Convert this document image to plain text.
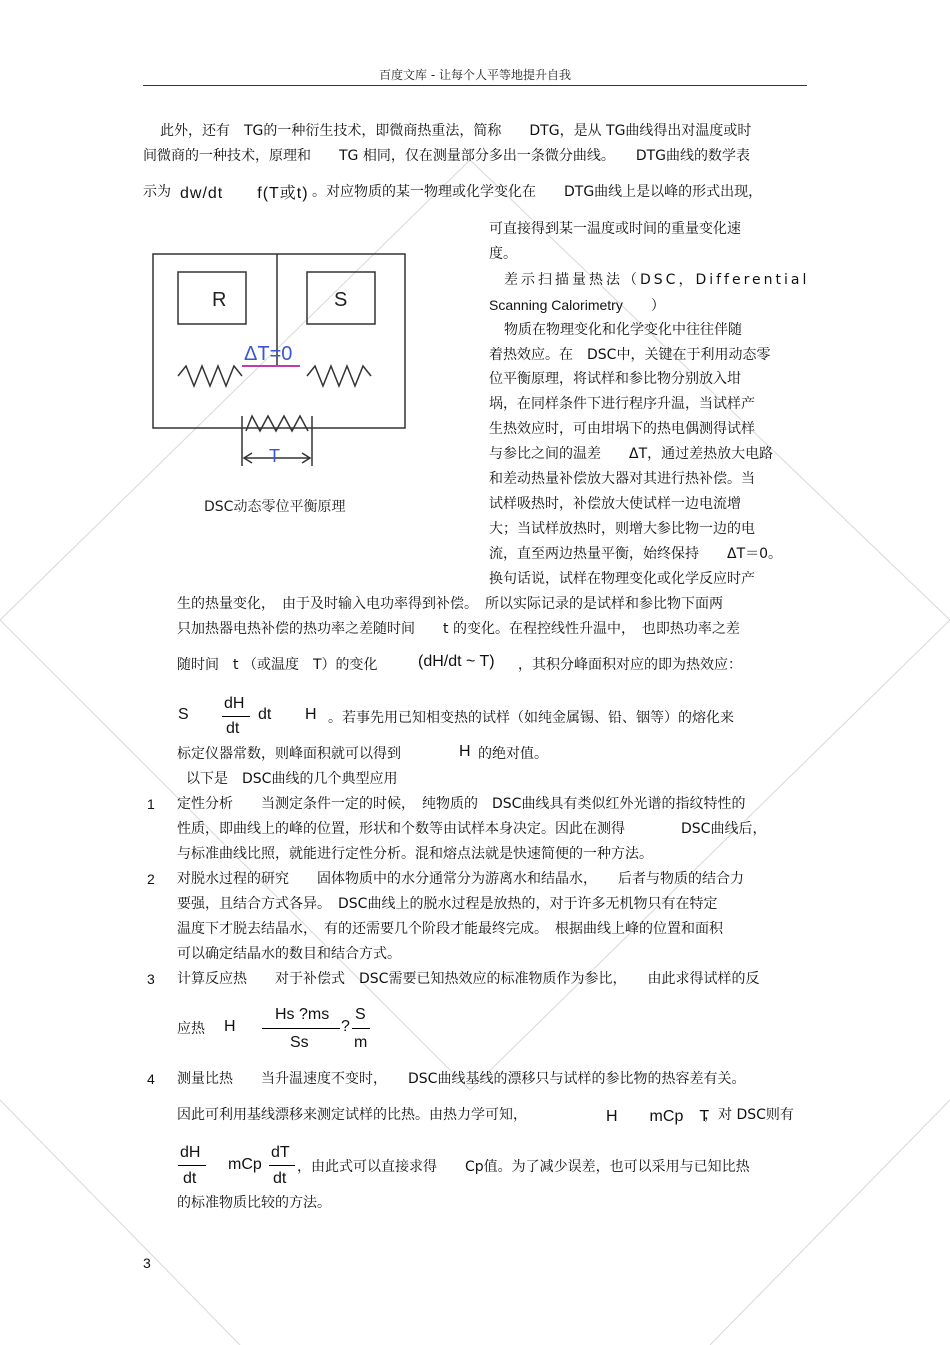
百度文库 - 让每个人平等地提升自我
此外，还有　TG的一种衍生技术，即微商热重法，简称　　DTG，是从 TG曲线得出对温度或时
间微商的一种技术，原理和　　TG 相同，仅在测量部分多出一条微分曲线。　　DTG曲线的数学表
示为 dw/dt　　f(T或t) 。对应物质的某一物理或化学变化在　　DTG曲线上是以峰的形式出现，
R	S
ΔT=0
T
DSC动态零位平衡原理
可直接得到某一温度或时间的重量变化速
度。
差示扫描量热法（DSC，Differential
Scanning Calorimetry　　）
物质在物理变化和化学变化中往往伴随
着热效应。在　DSC中，关键在于利用动态零
位平衡原理，将试样和参比物分别放入坩
埚，在同样条件下进行程序升温，当试样产
生热效应时，可由坩埚下的热电偶测得试样
与参比之间的温差　　ΔT，通过差热放大电路
和差动热量补偿放大器对其进行热补偿。当
试样吸热时，补偿放大使试样一边电流增
大；当试样放热时，则增大参比物一边的电
流，直至两边热量平衡，始终保持　　ΔT＝0。
换句话说，试样在物理变化或化学反应时产
生的热量变化，　由于及时输入电功率得到补偿。　所以实际记录的是试样和参比物下面两
只加热器电热补偿的热功率之差随时间　　t 的变化。在程控线性升温中，　也即热功率之差
随时间　t （或温度　T）的变化	(dH/dt ~ T) ，其积分峰面积对应的即为热效应：
S
dH
dt
dt H 。若事先用已知相变热的试样（如纯金属锡、铅、铟等）的熔化来
标定仪器常数，则峰面积就可以得到	H 的绝对值。
以下是　DSC曲线的几个典型应用
1 定性分析　　当测定条件一定的时候，　纯物质的　DSC曲线具有类似红外光谱的指纹特性的
性质，即曲线上的峰的位置，形状和个数等由试样本身决定。因此在测得　　　　DSC曲线后，
与标准曲线比照，就能进行定性分析。混和熔点法就是快速简便的一种方法。
2 对脱水过程的研究　　固体物质中的水分通常分为游离水和结晶水，　　后者与物质的结合力
要强，且结合方式各异。　DSC曲线上的脱水过程是放热的，对于许多无机物只有在特定
温度下才脱去结晶水，　有的还需要几个阶段才能最终完成。　根据曲线上峰的位置和面积
可以确定结晶水的数目和结合方式。
3 计算反应热　　对于补偿式　DSC需要已知热效应的标准物质作为参比，　　由此求得试样的反
应热 H
Hs ?ms
Ss
?
S
m
4 测量比热　　当升温速度不变时，　　DSC曲线基线的漂移只与试样的参比物的热容差有关。
因此可利用基线漂移来测定试样的比热。由热力学可知，	H　　mCp　T
，对 DSC则有
dH
dt
mCp
dT
dt
，由此式可以直接求得　　Cp值。为了减少误差，也可以采用与已知比热
的标准物质比较的方法。
3
